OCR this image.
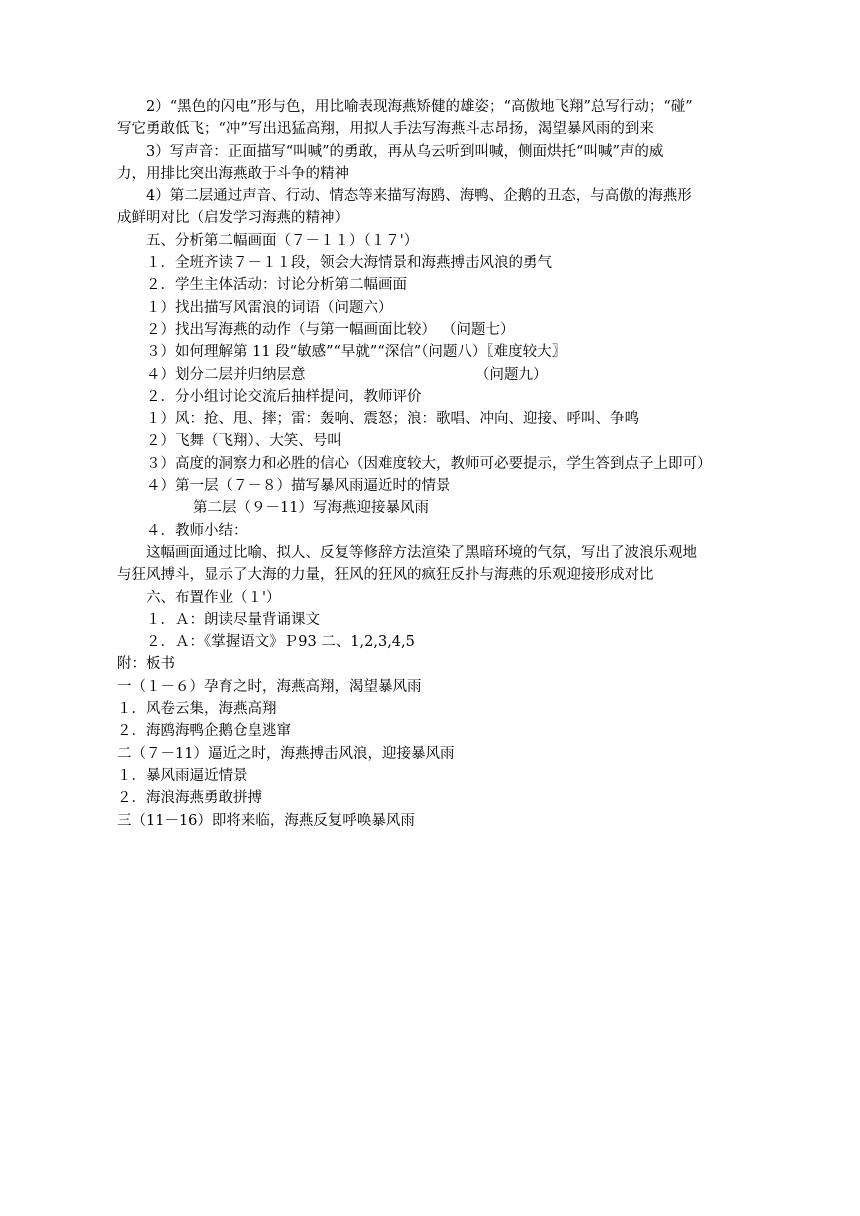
2）“黑色的闪电”形与色，用比喻表现海燕矫健的雄姿；“高傲地飞翔”总写行动；“碰”
写它勇敢低飞；“冲”写出迅猛高翔，用拟人手法写海燕斗志昂扬，渴望暴风雨的到来
3）写声音：正面描写“叫喊”的勇敢，再从乌云听到叫喊，侧面烘托“叫喊”声的威
力，用排比突出海燕敢于斗争的精神
4）第二层通过声音、行动、情态等来描写海鸥、海鸭、企鹅的丑态，与高傲的海燕形
成鲜明对比（启发学习海燕的精神）
五、分析第二幅画面（７－１１）（１７'）
１．全班齐读７－１１段，领会大海情景和海燕搏击风浪的勇气
２．学生主体活动：讨论分析第二幅画面
１）找出描写风雷浪的词语（问题六）
２）找出写海燕的动作（与第一幅画面比较） （问题七）
３）如何理解第 11 段“敏感”“早就”“深信”（问题八）〖难度较大〗
４）划分二层并归纳层意	（问题九）
２．分小组讨论交流后抽样提问，教师评价
１）风：抢、甩、摔；雷：轰响、震怒；浪：歌唱、冲向、迎接、呼叫、争鸣
２）飞舞（飞翔）、大笑、号叫
３）高度的洞察力和必胜的信心（因难度较大，教师可必要提示，学生答到点子上即可）
４）第一层（７－８）描写暴风雨逼近时的情景
第二层（９－11）写海燕迎接暴风雨
４．教师小结：
这幅画面通过比喻、拟人、反复等修辞方法渲染了黑暗环境的气氛，写出了波浪乐观地
与狂风搏斗，显示了大海的力量，狂风的狂风的疯狂反扑与海燕的乐观迎接形成对比
六、布置作业（１'）
１．Ａ：朗读尽量背诵课文
２．Ａ：《掌握语文》Ｐ93 二、1,2,3,4,5
附：板书
一（１－６）孕育之时，海燕高翔，渴望暴风雨
１．风卷云集，海燕高翔
２．海鸥海鸭企鹅仓皇逃窜
二（７－11）逼近之时，海燕搏击风浪，迎接暴风雨
１．暴风雨逼近情景
２．海浪海燕勇敢拼搏
三（11－16）即将来临，海燕反复呼唤暴风雨
